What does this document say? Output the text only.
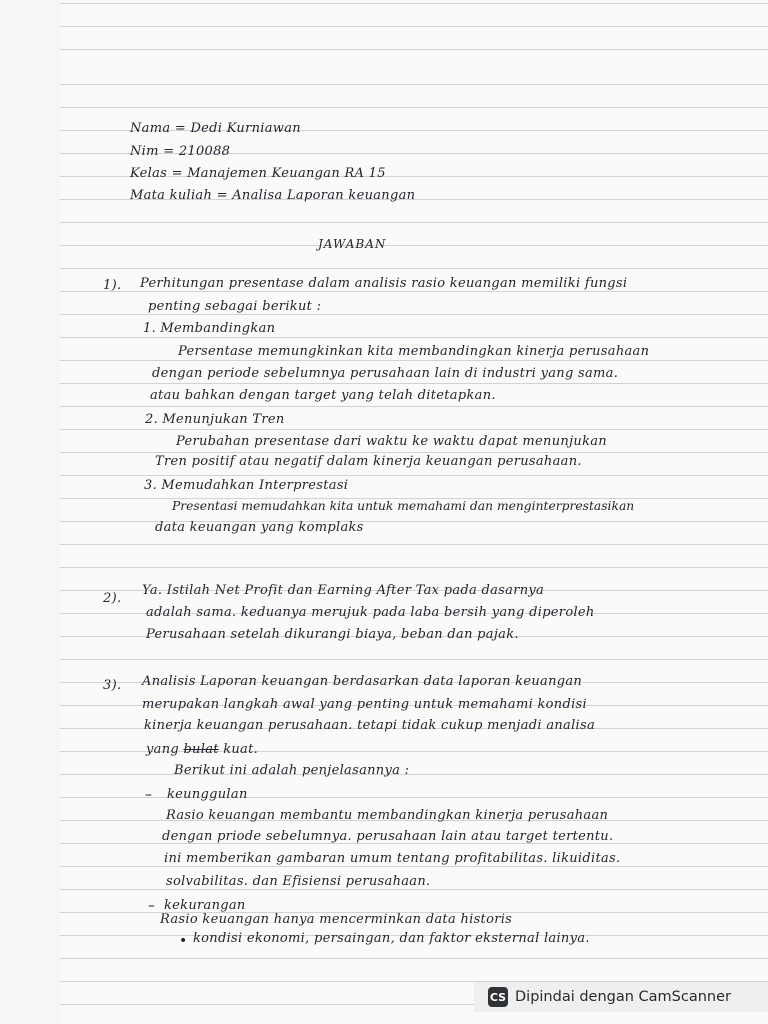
Nama = Dedi Kurniawan
Nim = 210088
Kelas = Manajemen Keuangan RA 15
Mata kuliah = Analisa Laporan keuangan
JAWABAN
1). Perhitungan presentase dalam analisis rasio keuangan memiliki fungsi
penting sebagai berikut :
1. Membandingkan
Persentase memungkinkan kita membandingkan kinerja perusahaan
dengan periode sebelumnya perusahaan lain di industri yang sama.
atau bahkan dengan target yang telah ditetapkan.
2. Menunjukan Tren
Perubahan presentase dari waktu ke waktu dapat menunjukan
Tren positif atau negatif dalam kinerja keuangan perusahaan.
3. Memudahkan Interprestasi
Presentasi memudahkan kita untuk memahami dan menginterprestasikan
data keuangan yang komplaks
2).
Ya. Istilah Net Profit dan Earning After Tax pada dasarnya
adalah sama. keduanya merujuk pada laba bersih yang diperoleh
Perusahaan setelah dikurangi biaya, beban dan pajak.
3). Analisis Laporan keuangan berdasarkan data laporan keuangan
merupakan langkah awal yang penting untuk memahami kondisi
kinerja keuangan perusahaan. tetapi tidak cukup menjadi analisa
yang bulat kuat.
Berikut ini adalah penjelasannya :
– keunggulan
Rasio keuangan membantu membandingkan kinerja perusahaan
dengan priode sebelumnya. perusahaan lain atau target tertentu.
ini memberikan gambaran umum tentang profitabilitas. likuiditas.
solvabilitas. dan Efisiensi perusahaan.
– kekurangan
Rasio keuangan hanya mencerminkan data historis
• kondisi ekonomi, persaingan, dan faktor eksternal lainya.
CS Dipindai dengan CamScanner
